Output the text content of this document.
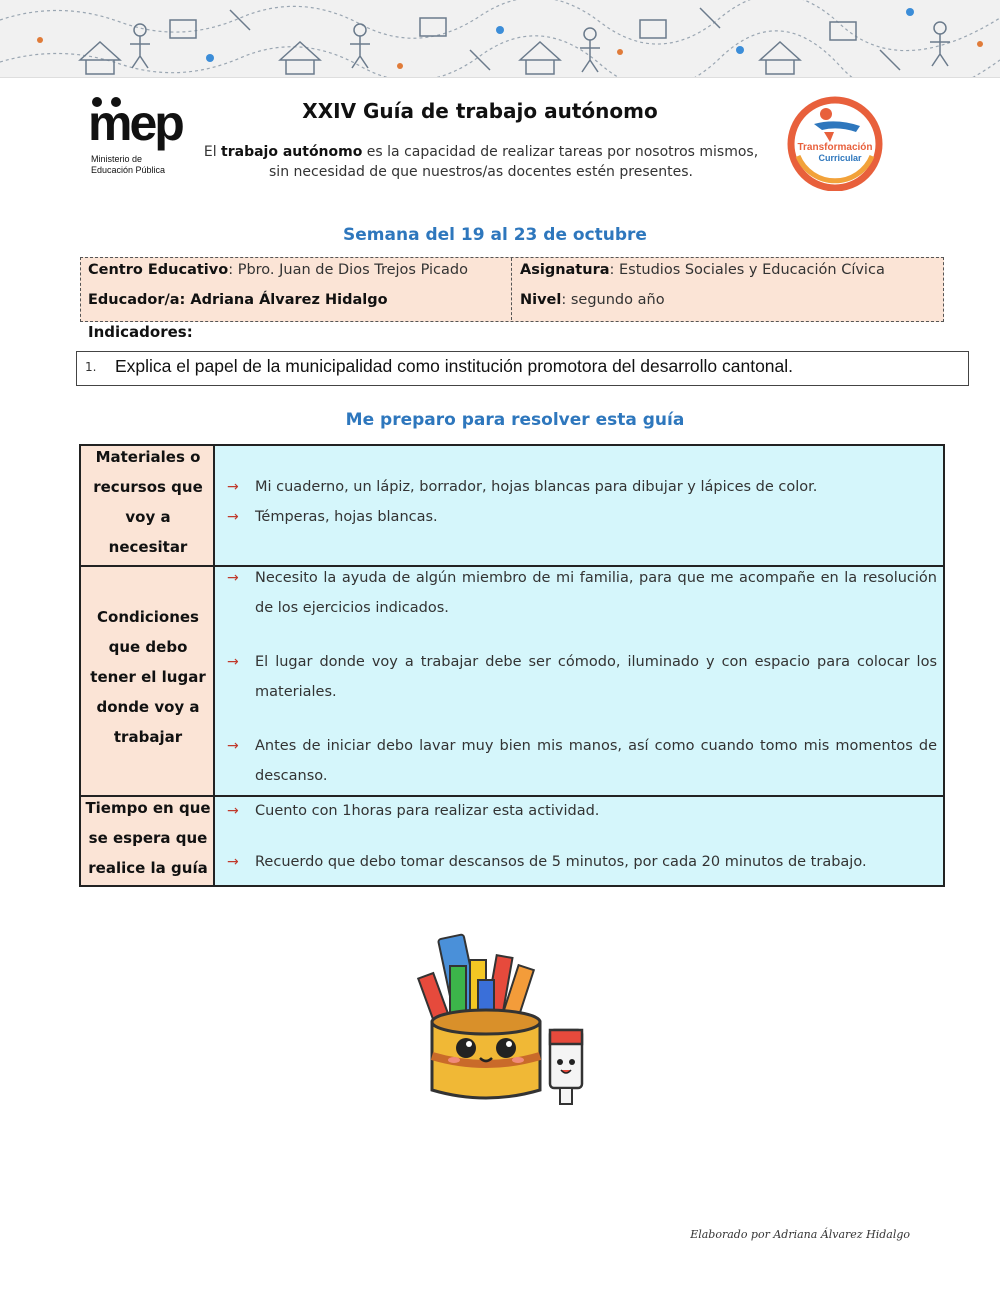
mep
Ministerio de
Educación Pública
XXIV Guía de trabajo autónomo
El trabajo autónomo es la capacidad de realizar tareas por nosotros mismos, sin necesidad de que nuestros/as docentes estén presentes.
Transformación
Curricular
Semana del 19 al 23 de octubre
Centro Educativo: Pbro. Juan de Dios Trejos Picado	Asignatura: Estudios Sociales y Educación Cívica
Educador/a: Adriana Álvarez Hidalgo	Nivel: segundo año
Indicadores:
1. Explica el papel de la municipalidad como institución promotora del desarrollo cantonal.
Me preparo para resolver esta guía
Materiales o
recursos que
voy a
necesitar
→ Mi cuaderno, un lápiz, borrador, hojas blancas para dibujar y lápices de color.
→ Témperas, hojas blancas.
Condiciones
que debo
tener el lugar
donde voy a
trabajar
→ Necesito la ayuda de algún miembro de mi familia, para que me acompañe en la resolución de los ejercicios indicados.
→ El lugar donde voy a trabajar debe ser cómodo, iluminado y con espacio para colocar los materiales.
→ Antes de iniciar debo lavar muy bien mis manos, así como cuando tomo mis momentos de descanso.
Tiempo en que
se espera que
realice la guía
→ Cuento con 1horas para realizar esta actividad.
→ Recuerdo que debo tomar descansos de 5 minutos, por cada 20 minutos de trabajo.
Elaborado por Adriana Álvarez Hidalgo
